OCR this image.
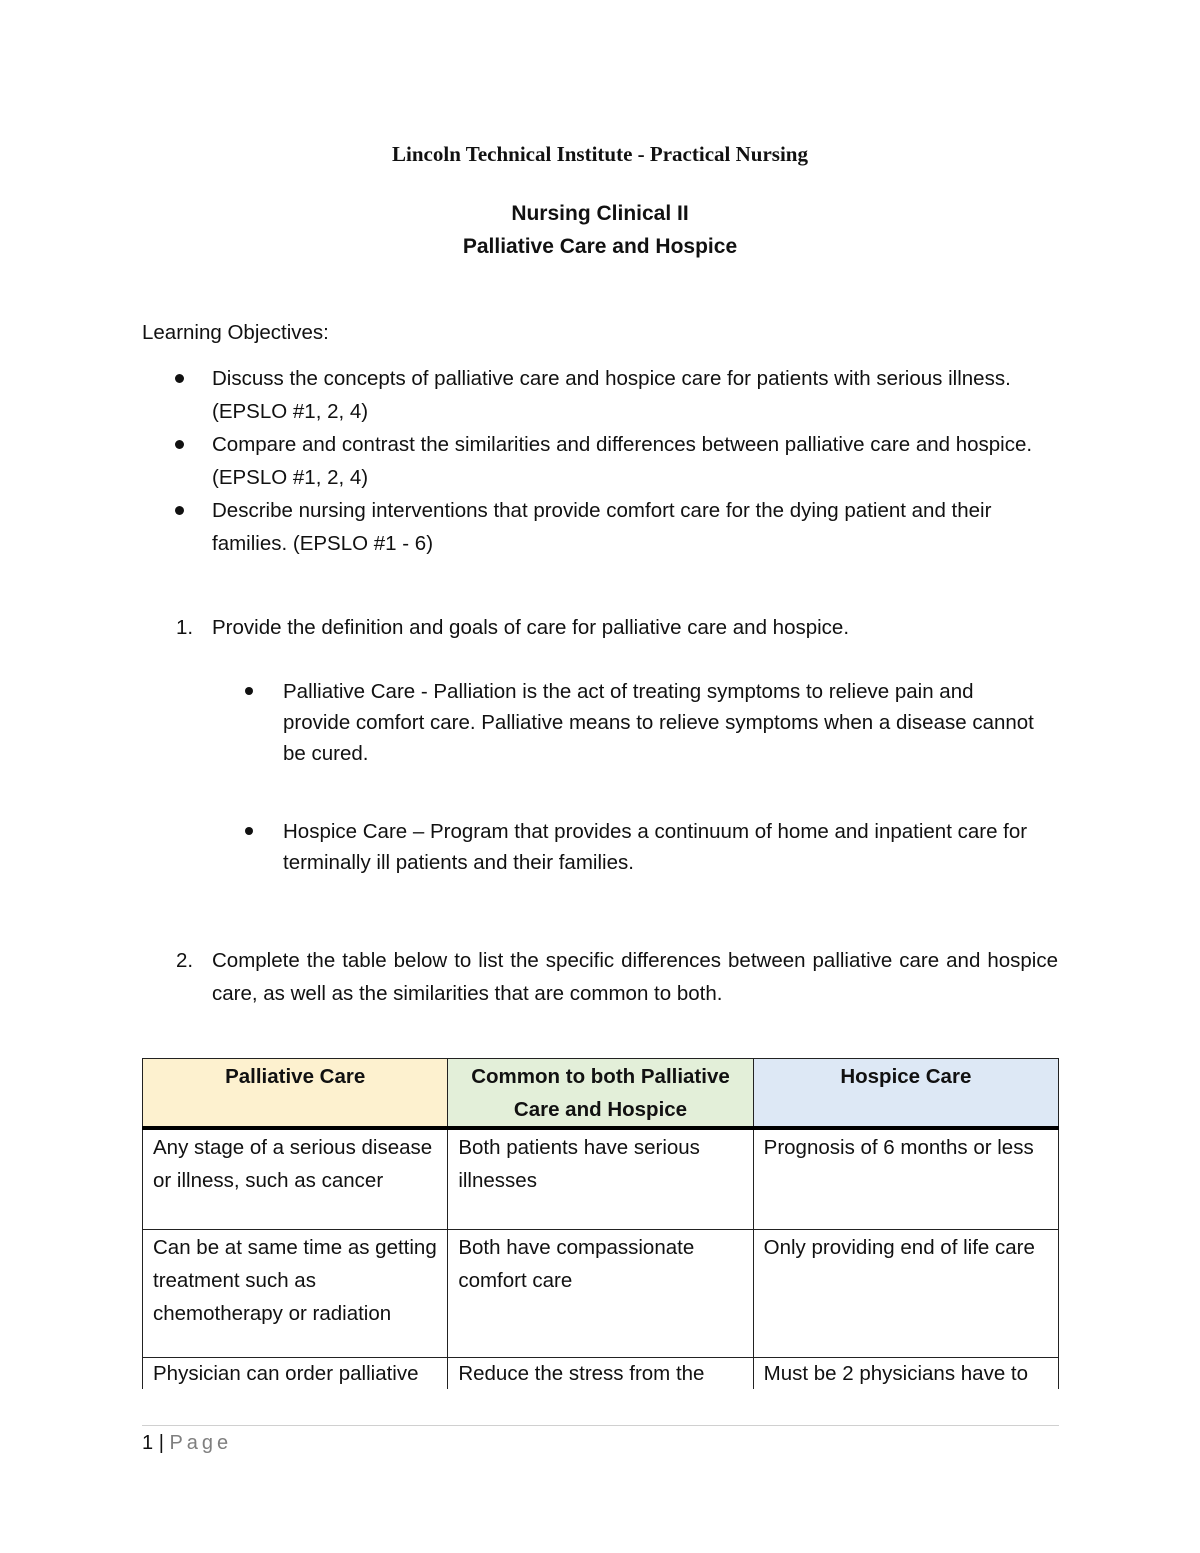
Lincoln Technical Institute - Practical Nursing
Nursing Clinical II
Palliative Care and Hospice
Learning Objectives:
Discuss the concepts of palliative care and hospice care for patients with serious illness. (EPSLO #1, 2, 4)
Compare and contrast the similarities and differences between palliative care and hospice. (EPSLO #1, 2, 4)
Describe nursing interventions that provide comfort care for the dying patient and their families. (EPSLO #1 - 6)
1. Provide the definition and goals of care for palliative care and hospice.
Palliative Care - Palliation is the act of treating symptoms to relieve pain and provide comfort care. Palliative means to relieve symptoms when a disease cannot be cured.
Hospice Care – Program that provides a continuum of home and inpatient care for terminally ill patients and their families.
2. Complete the table below to list the specific differences between palliative care and hospice care, as well as the similarities that are common to both.
Palliative Care	Common to both Palliative Care and Hospice	Hospice Care
Any stage of a serious disease or illness, such as cancer	Both patients have serious illnesses	Prognosis of 6 months or less
Can be at same time as getting treatment such as chemotherapy or radiation	Both have compassionate comfort care	Only providing end of life care
Physician can order palliative	Reduce the stress from the	Must be 2 physicians have to
1 | Page
